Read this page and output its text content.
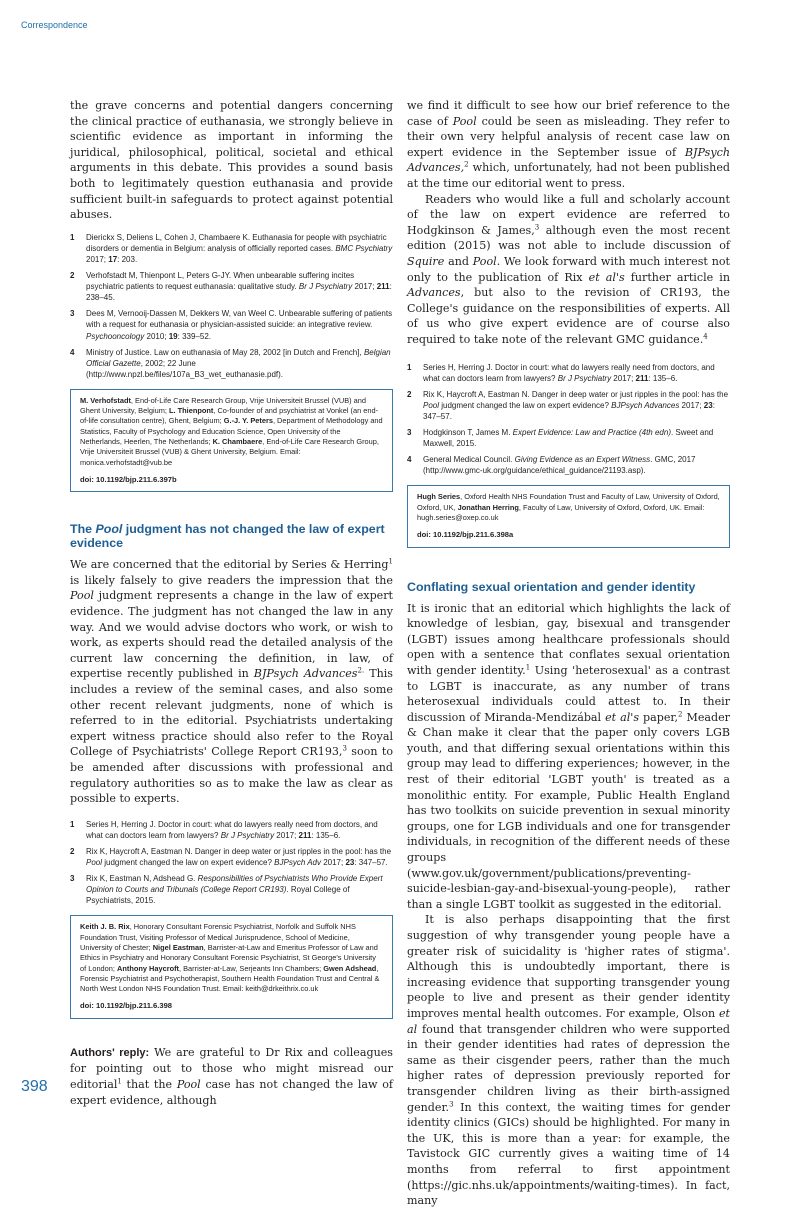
Correspondence

the grave concerns and potential dangers concerning the clinical practice of euthanasia, we strongly believe in scientific evidence as important in informing the juridical, philosophical, political, societal and ethical arguments in this debate. This provides a sound basis both to legitimately question euthanasia and provide sufficient built-in safeguards to protect against potential abuses.

1 Dierickx S, Deliens L, Cohen J, Chambaere K. Euthanasia for people with psychiatric disorders or dementia in Belgium: analysis of officially reported cases. BMC Psychiatry 2017; 17: 203.
2 Verhofstadt M, Thienpont L, Peters G-JY. When unbearable suffering incites psychiatric patients to request euthanasia: qualitative study. Br J Psychiatry 2017; 211: 238–45.
3 Dees M, Vernooij-Dassen M, Dekkers W, van Weel C. Unbearable suffering of patients with a request for euthanasia or physician-assisted suicide: an integrative review. Psychooncology 2010; 19: 339–52.
4 Ministry of Justice. Law on euthanasia of May 28, 2002 [in Dutch and French], Belgian Official Gazette, 2002; 22 June (http://www.npzl.be/files/107a_B3_wet_euthanasie.pdf).
M. Verhofstadt, End-of-Life Care Research Group, Vrije Universiteit Brussel (VUB) and Ghent University, Belgium; L. Thienpont, Co-founder of and psychiatrist at Vonkel (an end-of-life consultation centre), Ghent, Belgium; G.-J. Y. Peters, Department of Methodology and Statistics, Faculty of Psychology and Education Science, Open University of the Netherlands, Heerlen, The Netherlands; K. Chambaere, End-of-Life Care Research Group, Vrije Universiteit Brussel (VUB) & Ghent University, Belgium. Email: monica.verhofstadt@vub.be
doi: 10.1192/bjp.211.6.397b
The Pool judgment has not changed the law of expert evidence

We are concerned that the editorial by Series & Herring$^1$ is likely falsely to give readers the impression that the Pool judgment represents a change in the law of expert evidence. The judgment has not changed the law in any way. And we would advise doctors who work, or wish to work, as experts should read the detailed analysis of the current law concerning the definition, in law, of expertise recently published in BJPsych Advances$^{2.}$ This includes a review of the seminal cases, and also some other recent relevant judgments, none of which is referred to in the editorial. Psychiatrists undertaking expert witness practice should also refer to the Royal College of Psychiatrists' College Report CR193,$^3$ soon to be amended after discussions with professional and regulatory authorities so as to make the law as clear as possible to experts.

1 Series H, Herring J. Doctor in court: what do lawyers really need from doctors, and what can doctors learn from lawyers? Br J Psychiatry 2017; 211: 135–6.
2 Rix K, Haycroft A, Eastman N. Danger in deep water or just ripples in the pool: has the Pool judgment changed the law on expert evidence? BJPsych Adv 2017; 23: 347–57.
3 Rix K, Eastman N, Adshead G. Responsibilities of Psychiatrists Who Provide Expert Opinion to Courts and Tribunals (College Report CR193). Royal College of Psychiatrists, 2015.
Keith J. B. Rix, Honorary Consultant Forensic Psychiatrist, Norfolk and Suffolk NHS Foundation Trust, Visiting Professor of Medical Jurisprudence, School of Medicine, University of Chester; Nigel Eastman, Barrister-at-Law and Emeritus Professor of Law and Ethics in Psychiatry and Honorary Consultant Forensic Psychiatrist, St George's University of London; Anthony Haycroft, Barrister-at-Law, Serjeants Inn Chambers; Gwen Adshead, Forensic Psychiatrist and Psychotherapist, Southern Health Foundation Trust and Central & North West London NHS Foundation Trust. Email: keith@drkeithrix.co.uk
doi: 10.1192/bjp.211.6.398

Authors' reply: We are grateful to Dr Rix and colleagues for pointing out to those who might misread our editorial$^1$ that the Pool case has not changed the law of expert evidence, although

we find it difficult to see how our brief reference to the case of Pool could be seen as misleading. They refer to their own very helpful analysis of recent case law on expert evidence in the September issue of BJPsych Advances,$^2$ which, unfortunately, had not been published at the time our editorial went to press.

Readers who would like a full and scholarly account of the law on expert evidence are referred to Hodgkinson & James,$^3$ although even the most recent edition (2015) was not able to include discussion of Squire and Pool. We look forward with much interest not only to the publication of Rix et al's further article in Advances, but also to the revision of CR193, the College's guidance on the responsibilities of experts. All of us who give expert evidence are of course also required to take note of the relevant GMC guidance.$^4$

1 Series H, Herring J. Doctor in court: what do lawyers really need from doctors, and what can doctors learn from lawyers? Br J Psychiatry 2017; 211: 135–6.
2 Rix K, Haycroft A, Eastman N. Danger in deep water or just ripples in the pool: has the Pool judgment changed the law on expert evidence? BJPsych Advances 2017; 23: 347–57.
3 Hodgkinson T, James M. Expert Evidence: Law and Practice (4th edn). Sweet and Maxwell, 2015.
4 General Medical Council. Giving Evidence as an Expert Witness. GMC, 2017 (http://www.gmc-uk.org/guidance/ethical_guidance/21193.asp).
Hugh Series, Oxford Health NHS Foundation Trust and Faculty of Law, University of Oxford, Oxford, UK, Jonathan Herring, Faculty of Law, University of Oxford, Oxford, UK. Email: hugh.series@oxep.co.uk
doi: 10.1192/bjp.211.6.398a
Conflating sexual orientation and gender identity

It is ironic that an editorial which highlights the lack of knowledge of lesbian, gay, bisexual and transgender (LGBT) issues among healthcare professionals should open with a sentence that conflates sexual orientation with gender identity.$^1$ Using 'heterosexual' as a contrast to LGBT is inaccurate, as any number of trans heterosexual individuals could attest to. In their discussion of Miranda-Mendizábal et al's paper,$^2$ Meader & Chan make it clear that the paper only covers LGB youth, and that differing sexual orientations within this group may lead to differing experiences; however, in the rest of their editorial 'LGBT youth' is treated as a monolithic entity. For example, Public Health England has two toolkits on suicide prevention in sexual minority groups, one for LGB individuals and one for transgender individuals, in recognition of the different needs of these groups (www.gov.uk/government/publications/preventing-suicide-lesbian-gay-and-bisexual-young-people), rather than a single LGBT toolkit as suggested in the editorial.

It is also perhaps disappointing that the first suggestion of why transgender young people have a greater risk of suicidality is 'higher rates of stigma'. Although this is undoubtedly important, there is increasing evidence that supporting transgender young people to live and present as their gender identity improves mental health outcomes. For example, Olson et al found that transgender children who were supported in their gender identities had rates of depression the same as their cisgender peers, rather than the much higher rates of depression previously reported for transgender children living as their birth-assigned gender.$^3$ In this context, the waiting times for gender identity clinics (GICs) should be highlighted. For many in the UK, this is more than a year: for example, the Tavistock GIC currently gives a waiting time of 14 months from referral to first appointment (https://gic.nhs.uk/appointments/waiting-times). In fact, many

398
